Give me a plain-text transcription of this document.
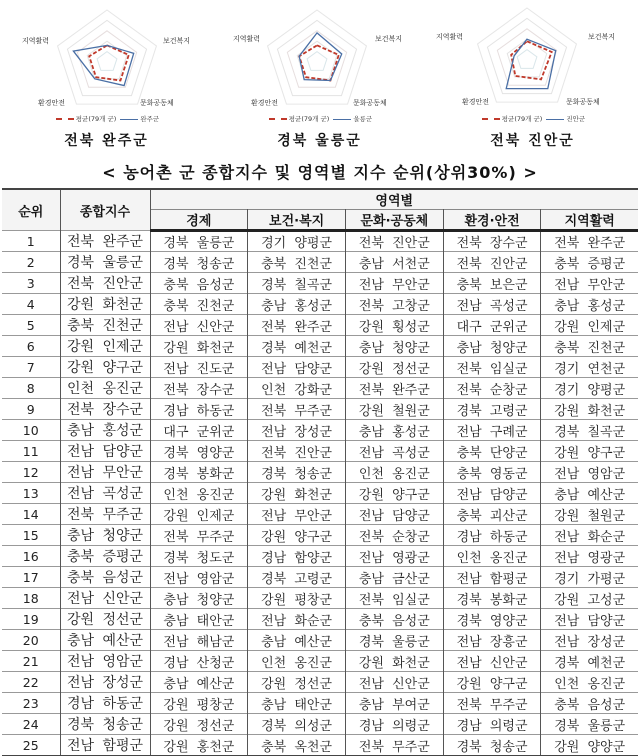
지역활력	보건복지
문화공동체
환경안전
평균(79개 군)	완주군
전북 완주군
지역활력	보건복지
문화공동체
환경안전
평균(79개 군)	울릉군
경북 울릉군
지역활력	보건복지
문화공동체
환경안전
평균(79개 군)	진안군
전북 진안군
< 농어촌 군 종합지수 및 영역별 지수 순위(상위30%) >
순위	종합지수	영역별				
		경제	보건·복지	문화·공동체	환경·안전	지역활력
1	전북 완주군	경북 울릉군	경기 양평군	전북 진안군	전북 장수군	전북 완주군
2	경북 울릉군	경북 청송군	충북 진천군	충남 서천군	전북 진안군	충북 증평군
3	전북 진안군	충북 음성군	경북 칠곡군	전남 무안군	충북 보은군	전남 무안군
4	강원 화천군	충북 진천군	충남 홍성군	전북 고창군	전남 곡성군	충남 홍성군
5	충북 진천군	전남 신안군	전북 완주군	강원 횡성군	대구 군위군	강원 인제군
6	강원 인제군	강원 화천군	경북 예천군	충남 청양군	충남 청양군	충북 진천군
7	강원 양구군	전남 진도군	전남 담양군	강원 정선군	전북 임실군	경기 연천군
8	인천 옹진군	전북 장수군	인천 강화군	전북 완주군	전북 순창군	경기 양평군
9	전북 장수군	경남 하동군	전북 무주군	강원 철원군	경북 고령군	강원 화천군
10	충남 홍성군	대구 군위군	전남 장성군	충남 홍성군	전남 구례군	경북 칠곡군
11	전남 담양군	경북 영양군	전북 진안군	전남 곡성군	충북 단양군	강원 양구군
12	전남 무안군	경북 봉화군	경북 청송군	인천 옹진군	충북 영동군	전남 영암군
13	전남 곡성군	인천 옹진군	강원 화천군	강원 양구군	전남 담양군	충남 예산군
14	전북 무주군	강원 인제군	전남 무안군	전남 담양군	충북 괴산군	강원 철원군
15	충남 청양군	전북 무주군	강원 양구군	전북 순창군	경남 하동군	전남 화순군
16	충북 증평군	경북 청도군	경남 함양군	전남 영광군	인천 옹진군	전남 영광군
17	충북 음성군	전남 영암군	경북 고령군	충남 금산군	전남 함평군	경기 가평군
18	전남 신안군	충남 청양군	강원 평창군	전북 임실군	경북 봉화군	강원 고성군
19	강원 정선군	충남 태안군	전남 화순군	충북 음성군	경북 영양군	전남 담양군
20	충남 예산군	전남 해남군	충남 예산군	경북 울릉군	전남 장흥군	전남 장성군
21	전남 영암군	경남 산청군	인천 옹진군	강원 화천군	전남 신안군	경북 예천군
22	전남 장성군	충남 예산군	강원 정선군	전남 신안군	강원 양구군	인천 옹진군
23	경남 하동군	강원 평창군	충남 태안군	충남 부여군	전북 무주군	충북 음성군
24	경북 청송군	강원 정선군	경북 의성군	경남 의령군	경남 의령군	경북 울릉군
25	전남 함평군	강원 홍천군	충북 옥천군	전북 무주군	경북 청송군	강원 양양군
